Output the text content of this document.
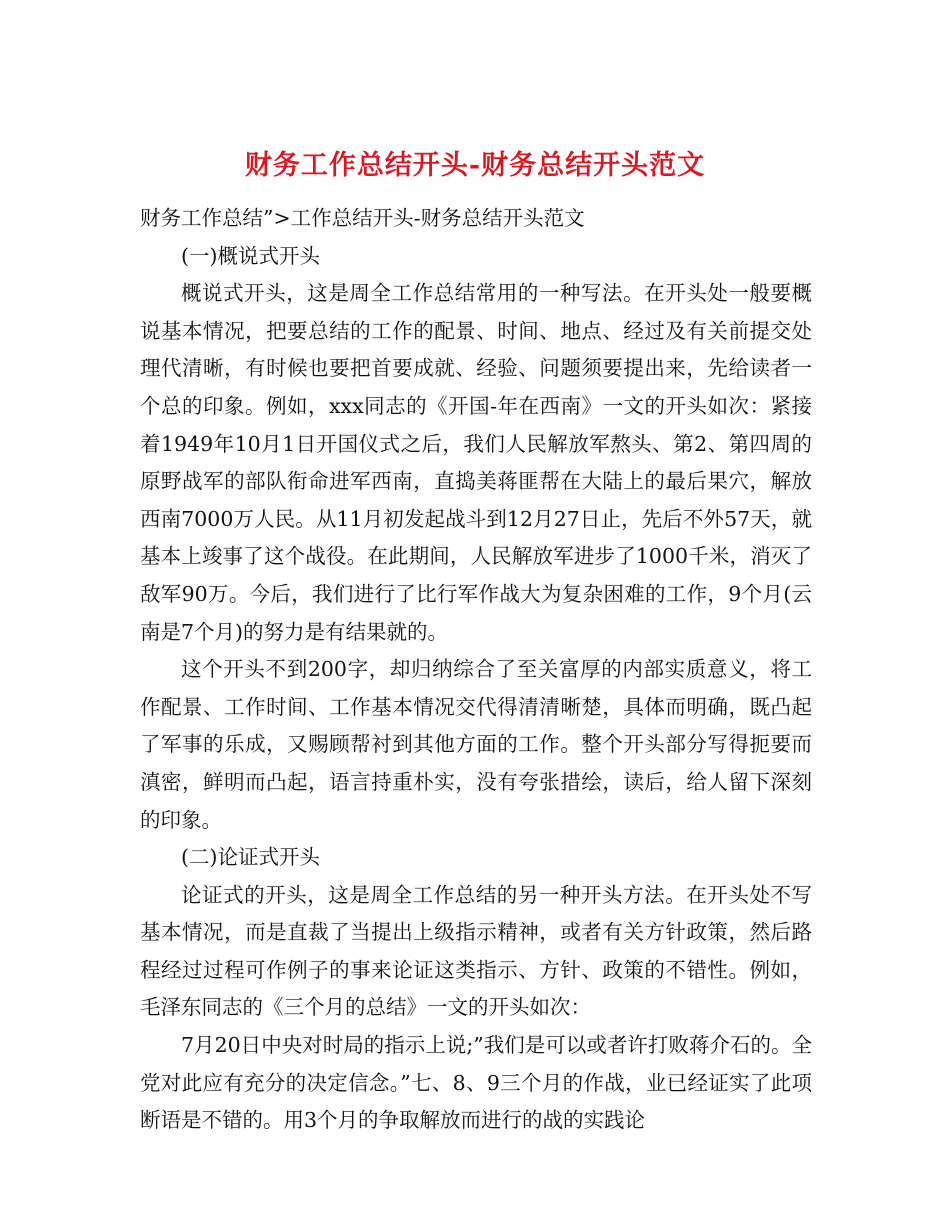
财务工作总结开头-财务总结开头范文

财务工作总结”>工作总结开头-财务总结开头范文

(一)概说式开头

概说式开头，这是周全工作总结常用的一种写法。在开头处一般要概说基本情况，把要总结的工作的配景、时间、地点、经过及有关前提交处理代清晰，有时候也要把首要成就、经验、问题须要提出来，先给读者一个总的印象。例如，xxx同志的《开国-年在西南》一文的开头如次：紧接着1949年10月1日开国仪式之后，我们人民解放军熬头、第2、第四周的原野战军的部队衔命进军西南，直捣美蒋匪帮在大陆上的最后果穴，解放西南7000万人民。从11月初发起战斗到12月27日止，先后不外57天，就基本上竣事了这个战役。在此期间，人民解放军进步了1000千米，消灭了敌军90万。今后，我们进行了比行军作战大为复杂困难的工作，9个月(云南是7个月)的努力是有结果就的。

这个开头不到200字，却归纳综合了至关富厚的内部实质意义，将工作配景、工作时间、工作基本情况交代得清清晰楚，具体而明确，既凸起了军事的乐成，又赐顾帮衬到其他方面的工作。整个开头部分写得扼要而滇密，鲜明而凸起，语言持重朴实，没有夸张措绘，读后，给人留下深刻的印象。

(二)论证式开头

论证式的开头，这是周全工作总结的另一种开头方法。在开头处不写基本情况，而是直裁了当提出上级指示精神，或者有关方针政策，然后路程经过过程可作例子的事来论证这类指示、方针、政策的不错性。例如，毛泽东同志的《三个月的总结》一文的开头如次：

7月20日中央对时局的指示上说;”我们是可以或者许打败蒋介石的。全党对此应有充分的决定信念。”七、8、9三个月的作战，业已经证实了此项断语是不错的。用3个月的争取解放而进行的战的实践论
